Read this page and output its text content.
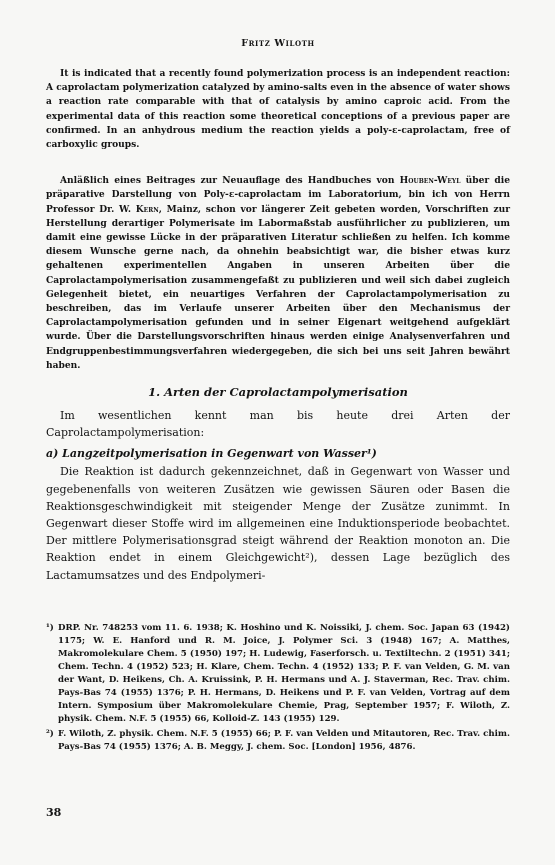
Fritz Wiloth

It is indicated that a recently found polymerization process is an independent reaction: A caprolactam polymerization catalyzed by amino-salts even in the absence of water shows a reaction rate comparable with that of catalysis by amino caproic acid. From the experimental data of this reaction some theoretical conceptions of a previous paper are confirmed. In an anhydrous medium the reaction yields a poly-ε-caprolactam, free of carboxylic groups.

Anläßlich eines Beitrages zur Neuauflage des Handbuches von Houben-Weyl über die präparative Darstellung von Poly-ε-caprolactam im Laboratorium, bin ich von Herrn Professor Dr. W. Kern, Mainz, schon vor längerer Zeit gebeten worden, Vorschriften zur Herstellung derartiger Polymerisate im Labormaßstab ausführlicher zu publizieren, um damit eine gewisse Lücke in der präparativen Literatur schließen zu helfen. Ich komme diesem Wunsche gerne nach, da ohnehin beabsichtigt war, die bisher etwas kurz gehaltenen experimentellen Angaben in unseren Arbeiten über die Caprolactampolymerisation zusammengefaßt zu publizieren und weil sich dabei zugleich Gelegenheit bietet, ein neuartiges Verfahren der Caprolactampolymerisation zu beschreiben, das im Verlaufe unserer Arbeiten über den Mechanismus der Caprolactampolymerisation gefunden und in seiner Eigenart weitgehend aufgeklärt wurde. Über die Darstellungsvorschriften hinaus werden einige Analysenverfahren und Endgruppenbestimmungsverfahren wiedergegeben, die sich bei uns seit Jahren bewährt haben.

1. Arten der Caprolactampolymerisation

Im wesentlichen kennt man bis heute drei Arten der Caprolactampolymerisation:

a) Langzeitpolymerisation in Gegenwart von Wasser¹)

Die Reaktion ist dadurch gekennzeichnet, daß in Gegenwart von Wasser und gegebenenfalls von weiteren Zusätzen wie gewissen Säuren oder Basen die Reaktionsgeschwindigkeit mit steigender Menge der Zusätze zunimmt. In Gegenwart dieser Stoffe wird im allgemeinen eine Induktionsperiode beobachtet. Der mittlere Polymerisationsgrad steigt während der Reaktion monoton an. Die Reaktion endet in einem Gleichgewicht²), dessen Lage bezüglich des Lactamumsatzes und des Endpolymeri-

¹) DRP. Nr. 748253 vom 11. 6. 1938; K. Hoshino und K. Noissiki, J. chem. Soc. Japan 63 (1942) 1175; W. E. Hanford und R. M. Joice, J. Polymer Sci. 3 (1948) 167; A. Matthes, Makromolekulare Chem. 5 (1950) 197; H. Ludewig, Faserforsch. u. Textiltechn. 2 (1951) 341; Chem. Techn. 4 (1952) 523; H. Klare, Chem. Techn. 4 (1952) 133; P. F. van Velden, G. M. van der Want, D. Heikens, Ch. A. Kruissink, P. H. Hermans und A. J. Staverman, Rec. Trav. chim. Pays-Bas 74 (1955) 1376; P. H. Hermans, D. Heikens und P. F. van Velden, Vortrag auf dem Intern. Symposium über Makromolekulare Chemie, Prag, September 1957; F. Wiloth, Z. physik. Chem. N.F. 5 (1955) 66, Kolloid-Z. 143 (1955) 129.
²) F. Wiloth, Z. physik. Chem. N.F. 5 (1955) 66; P. F. van Velden und Mitautoren, Rec. Trav. chim. Pays-Bas 74 (1955) 1376; A. B. Meggy, J. chem. Soc. [London] 1956, 4876.
38
